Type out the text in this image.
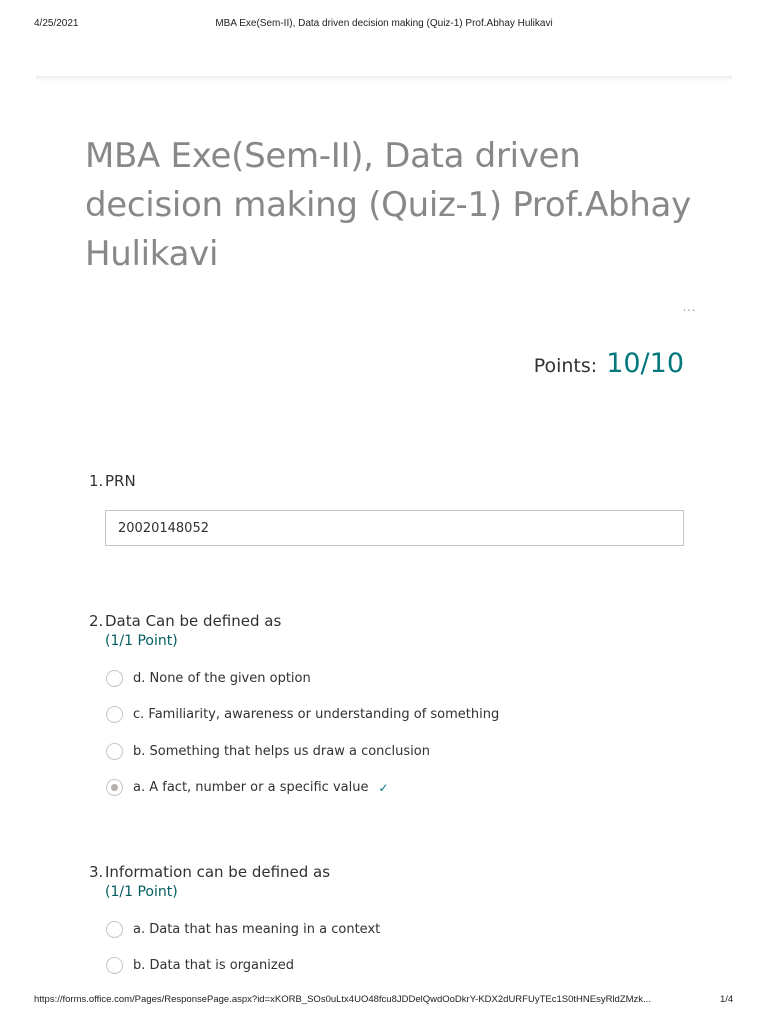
4/25/2021	MBA Exe(Sem-II), Data driven decision making (Quiz-1) Prof.Abhay Hulikavi
MBA Exe(Sem-II), Data driven decision making (Quiz-1) Prof.Abhay Hulikavi
…
Points: 10/10
1. PRN
20020148052
2. Data Can be defined as
(1/1 Point)
d. None of the given option
c. Familiarity, awareness or understanding of something
b. Something that helps us draw a conclusion
a. A fact, number or a specific value ✓
3. Information can be defined as
(1/1 Point)
a. Data that has meaning in a context
b. Data that is organized
https://forms.office.com/Pages/ResponsePage.aspx?id=xKORB_SOs0uLtx4UO48fcu8JDDelQwdOoDkrY-KDX2dURFUyTEc1S0tHNEsyRldZMzk...	1/4
